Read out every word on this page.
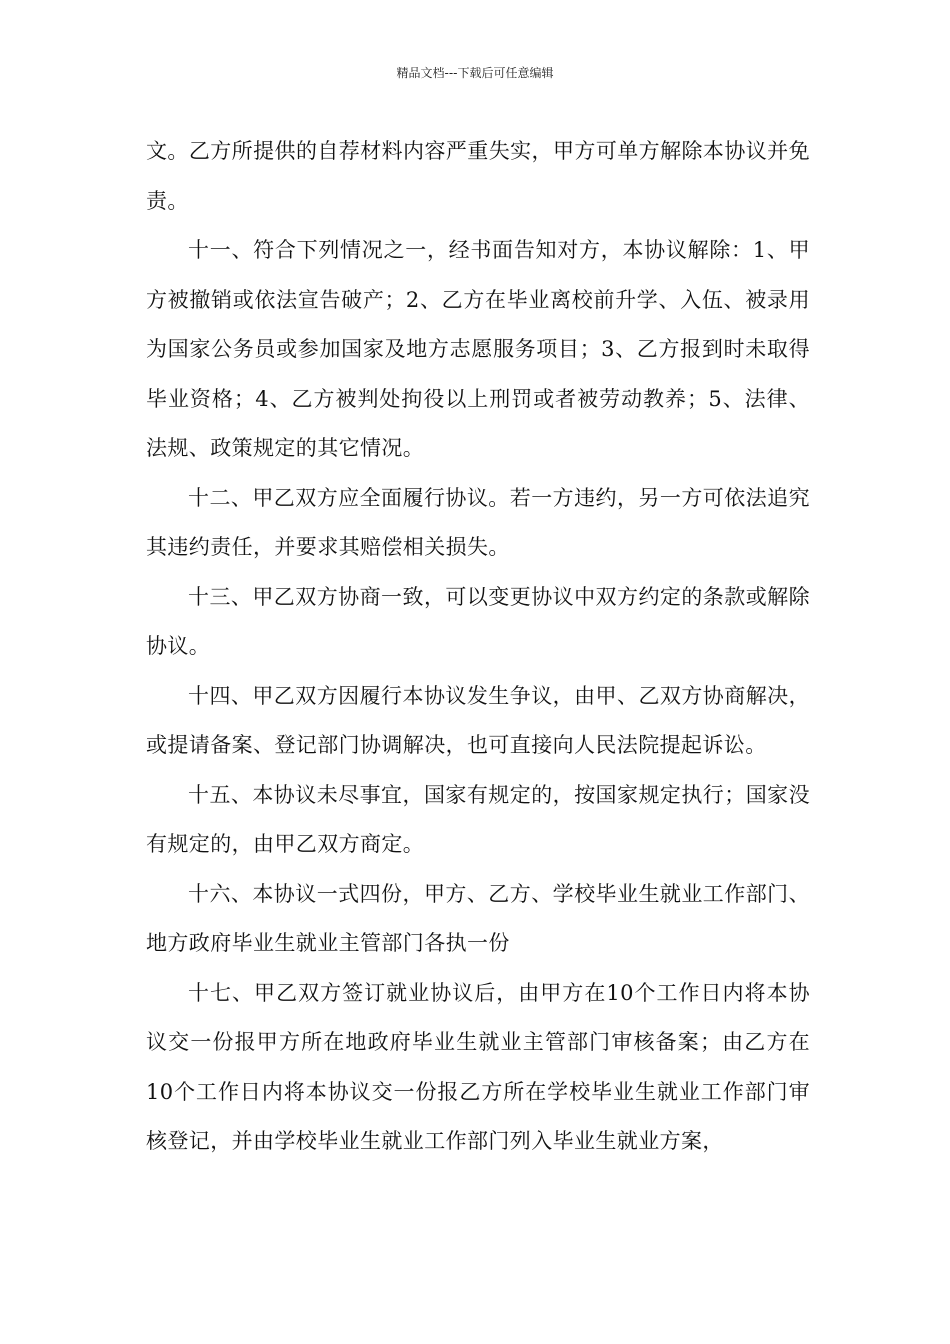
精品文档---下载后可任意编辑

文。乙方所提供的自荐材料内容严重失实，甲方可单方解除本协议并免责。

十一、符合下列情况之一，经书面告知对方，本协议解除：1、甲方被撤销或依法宣告破产；2、乙方在毕业离校前升学、入伍、被录用为国家公务员或参加国家及地方志愿服务项目；3、乙方报到时未取得毕业资格；4、乙方被判处拘役以上刑罚或者被劳动教养；5、法律、法规、政策规定的其它情况。

十二、甲乙双方应全面履行协议。若一方违约，另一方可依法追究其违约责任，并要求其赔偿相关损失。

十三、甲乙双方协商一致，可以变更协议中双方约定的条款或解除协议。

十四、甲乙双方因履行本协议发生争议，由甲、乙双方协商解决，或提请备案、登记部门协调解决，也可直接向人民法院提起诉讼。

十五、本协议未尽事宜，国家有规定的，按国家规定执行；国家没有规定的，由甲乙双方商定。

十六、本协议一式四份，甲方、乙方、学校毕业生就业工作部门、地方政府毕业生就业主管部门各执一份

十七、甲乙双方签订就业协议后，由甲方在10个工作日内将本协议交一份报甲方所在地政府毕业生就业主管部门审核备案；由乙方在10个工作日内将本协议交一份报乙方所在学校毕业生就业工作部门审核登记，并由学校毕业生就业工作部门列入毕业生就业方案，
